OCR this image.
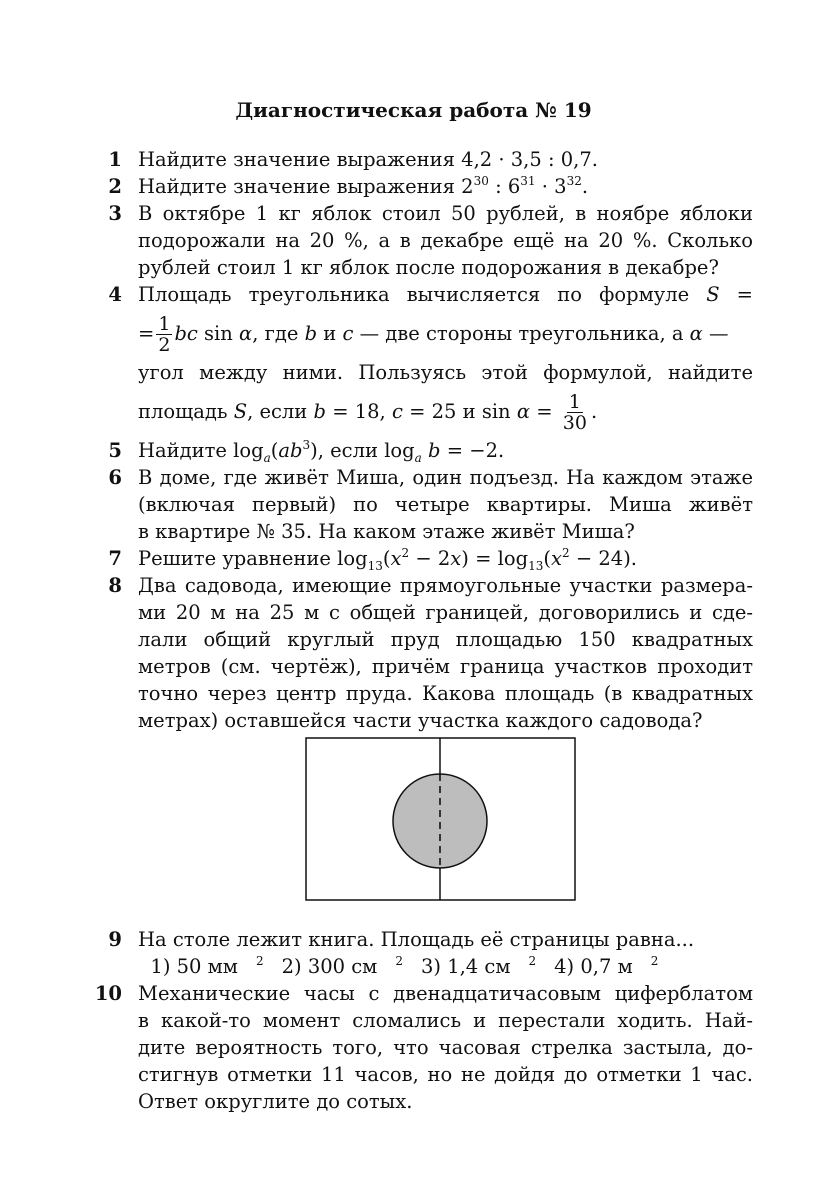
Диагностическая работа № 19
1 Найдите значение выражения 4,2 · 3,5 : 0,7.
2 Найдите значение выражения $2^{30}$ : $6^{31} \cdot 3^{32}$.
3 В октябре 1 кг яблок стоил 50 рублей, в ноябре яблоки
подорожали на 20 %, а в декабре ещё на 20 %. Сколько
рублей стоил 1 кг яблок после подорожания в декабре?
4 Площадь треугольника вычисляется по формуле S =
= $\frac{1}{2}$ bc sin α, где b и c — две стороны треугольника, а α —
угол между ними. Пользуясь этой формулой, найдите
площадь S, если b = 18, c = 25 и $\sin \alpha = \frac{1}{30}$ .
5 Найдите $\log_a(ab^3)$, если $\log_a b = -2$.
6 В доме, где живёт Миша, один подъезд. На каждом этаже
(включая первый) по четыре квартиры. Миша живёт
в квартире № 35. На каком этаже живёт Миша?
7 Решите уравнение $\log_{13}(x^2 - 2x) = \log_{13}(x^2 - 24)$.
8 Два садовода, имеющие прямоугольные участки размера-
ми 20 м на 25 м с общей границей, договорились и сде-
лали общий круглый пруд площадью 150 квадратных
метров (см. чертёж), причём граница участков проходит
точно через центр пруда. Какова площадь (в квадратных
метрах) оставшейся части участка каждого садовода?
9 На столе лежит книга. Площадь её страницы равна...
1) 50 мм $^2$ 2) 300 см $^2$ 3) 1,4 см $^2$ 4) 0,7 м $^2$
10 Механические часы с двенадцатичасовым циферблатом
в какой-то момент сломались и перестали ходить. Най-
дите вероятность того, что часовая стрелка застыла, до-
стигнув отметки 11 часов, но не дойдя до отметки 1 час.
Ответ округлите до сотых.
